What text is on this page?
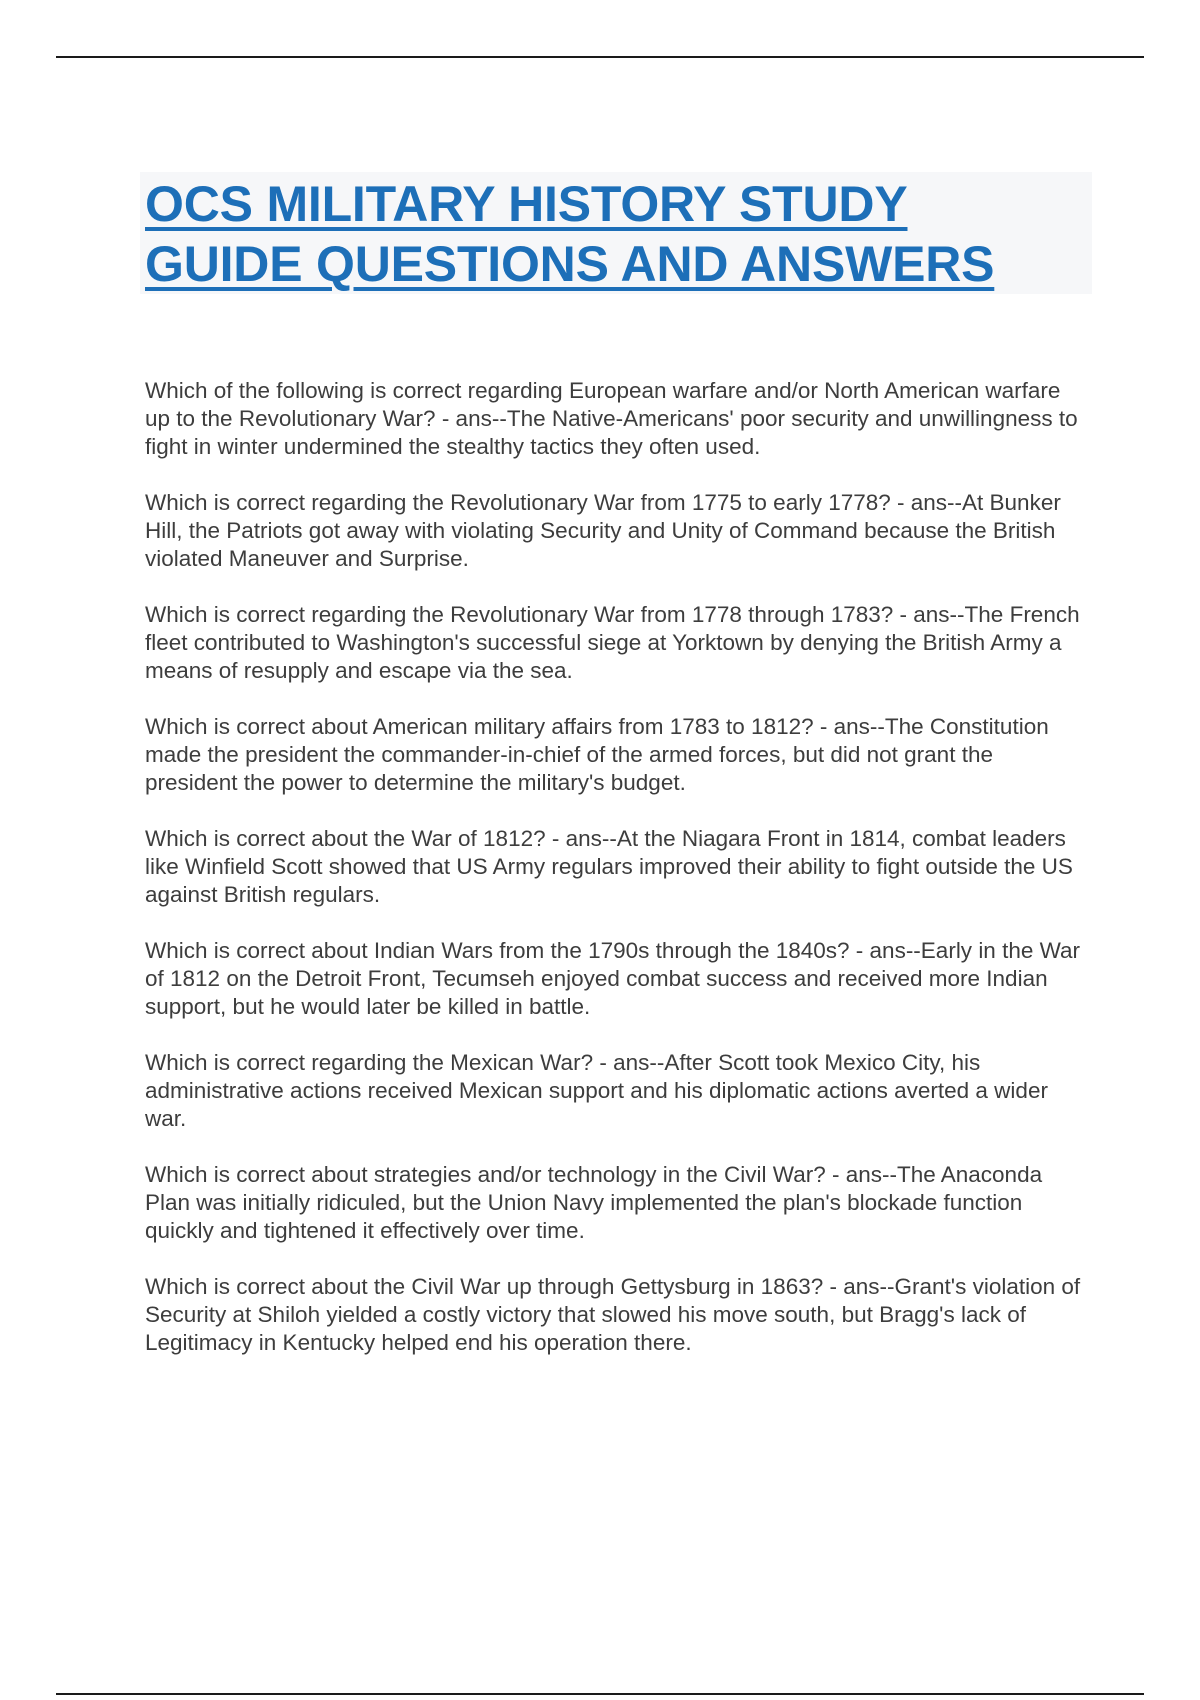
OCS MILITARY HISTORY STUDY
GUIDE QUESTIONS AND ANSWERS
Which of the following is correct regarding European warfare and/or North American warfare up to the Revolutionary War? - ans--The Native-Americans' poor security and unwillingness to fight in winter undermined the stealthy tactics they often used.
Which is correct regarding the Revolutionary War from 1775 to early 1778? - ans--At Bunker Hill, the Patriots got away with violating Security and Unity of Command because the British violated Maneuver and Surprise.
Which is correct regarding the Revolutionary War from 1778 through 1783? - ans--The French fleet contributed to Washington's successful siege at Yorktown by denying the British Army a means of resupply and escape via the sea.
Which is correct about American military affairs from 1783 to 1812? - ans--The Constitution made the president the commander-in-chief of the armed forces, but did not grant the president the power to determine the military's budget.
Which is correct about the War of 1812? - ans--At the Niagara Front in 1814, combat leaders like Winfield Scott showed that US Army regulars improved their ability to fight outside the US against British regulars.
Which is correct about Indian Wars from the 1790s through the 1840s? - ans--Early in the War of 1812 on the Detroit Front, Tecumseh enjoyed combat success and received more Indian support, but he would later be killed in battle.
Which is correct regarding the Mexican War? - ans--After Scott took Mexico City, his administrative actions received Mexican support and his diplomatic actions averted a wider war.
Which is correct about strategies and/or technology in the Civil War? - ans--The Anaconda Plan was initially ridiculed, but the Union Navy implemented the plan's blockade function quickly and tightened it effectively over time.
Which is correct about the Civil War up through Gettysburg in 1863? - ans--Grant's violation of Security at Shiloh yielded a costly victory that slowed his move south, but Bragg's lack of Legitimacy in Kentucky helped end his operation there.
